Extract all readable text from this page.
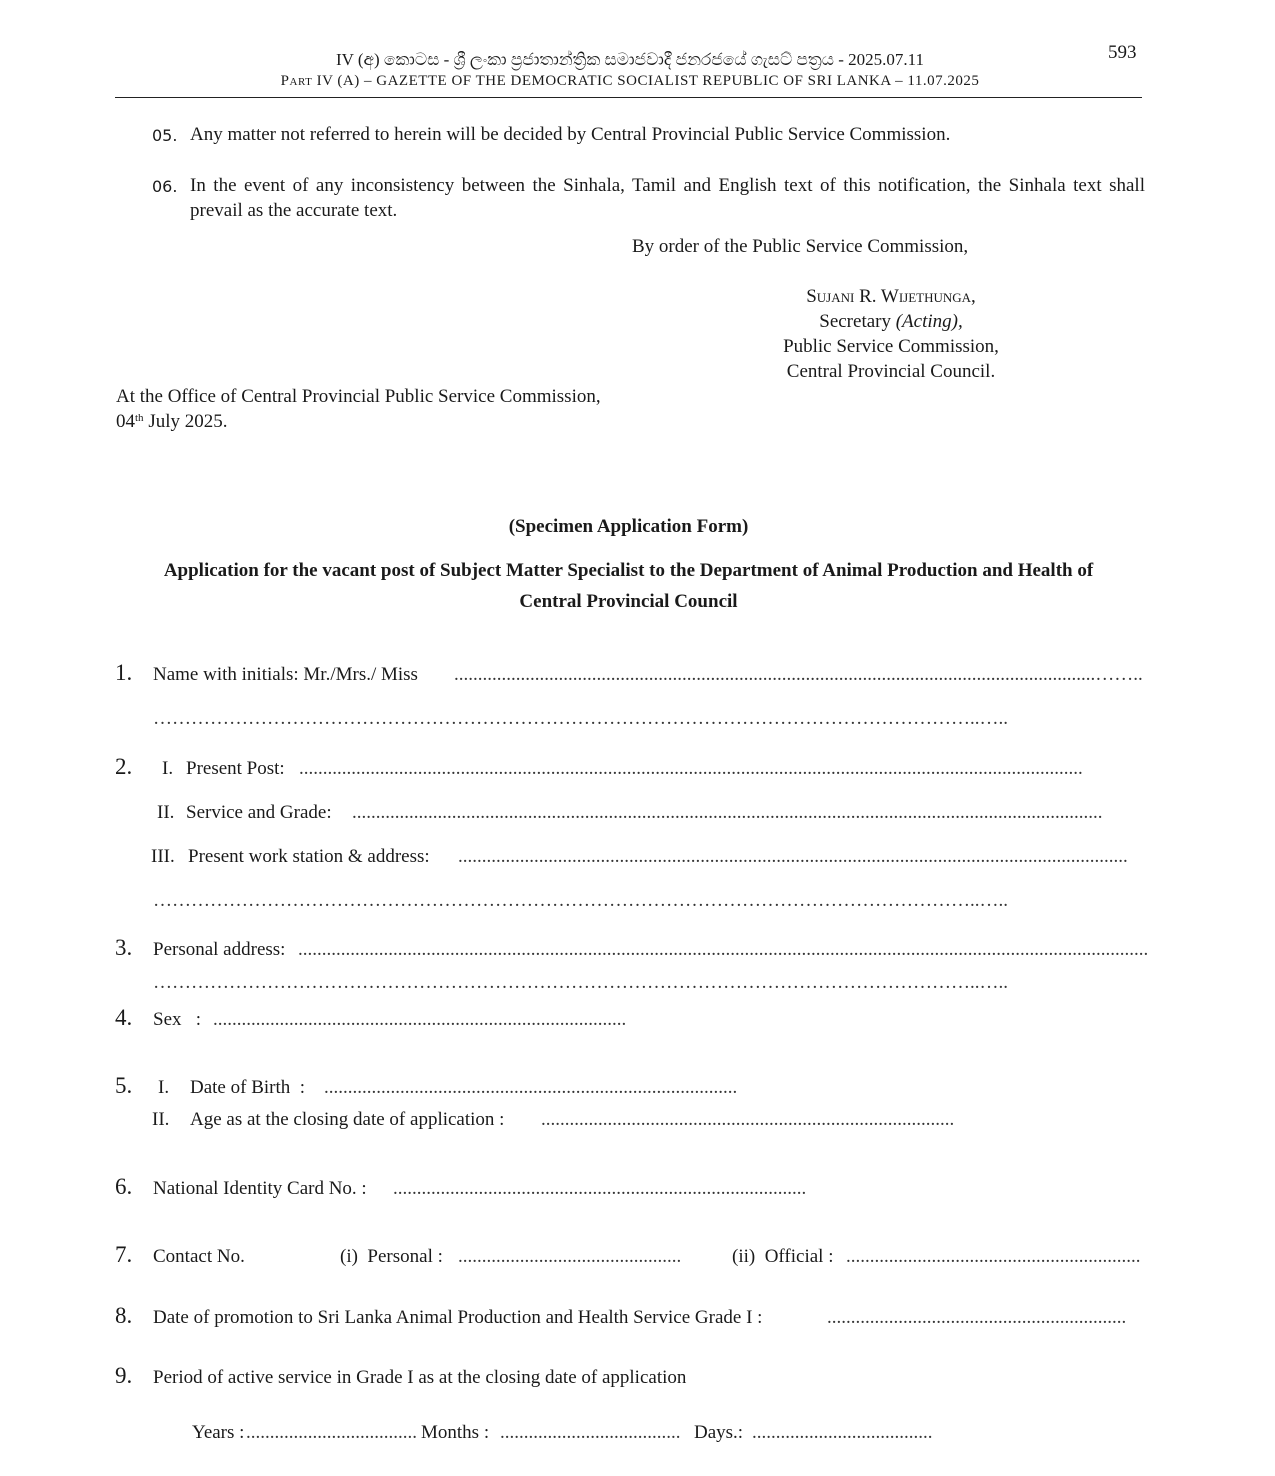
IV (අ) කොටස - ශ්‍රී ලංකා ප්‍රජාතාන්ත්‍රික සමාජවාදී ජනරජයේ ගැසට් පත්‍රය - 2025.07.11
Part IV (A) – GAZETTE OF THE DEMOCRATIC SOCIALIST REPUBLIC OF SRI LANKA – 11.07.2025
593
05. Any matter not referred to herein will be decided by Central Provincial Public Service Commission.
06. In the event of any inconsistency between the Sinhala, Tamil and English text of this notification, the Sinhala text shall prevail as the accurate text.
By order of the Public Service Commission,
Sujani R. Wijethunga,
Secretary (Acting),
Public Service Commission,
Central Provincial Council.
At the Office of Central Provincial Public Service Commission,
04th July 2025.
(Specimen Application Form)
Application for the vacant post of Subject Matter Specialist to the Department of Animal Production and Health of
Central Provincial Council
1. Name with initials: Mr./Mrs./ Miss .......................................................................................................................................……..
…………………………………………………………………………………………………………………..…..
2. I. Present Post: .....................................................................................................................................................................
II. Service and Grade: ..............................................................................................................................................................
III. Present work station & address: .............................................................................................................................................
…………………………………………………………………………………………………………………..…..
3. Personal address: ...................................................................................................................................................................................
…………………………………………………………………………………………………………………..…..
4. Sex   : .......................................................................................
5. I. Date of Birth  : .......................................................................................
II. Age as at the closing date of application : .......................................................................................
6. National Identity Card No. : .......................................................................................
7. Contact No.	(i)  Personal : ...............................................	(ii)  Official : ..............................................................
8. Date of promotion to Sri Lanka Animal Production and Health Service Grade I :	...............................................................
9. Period of active service in Grade I as at the closing date of application
Years : .................................... Months : ...................................... Days.: ......................................
